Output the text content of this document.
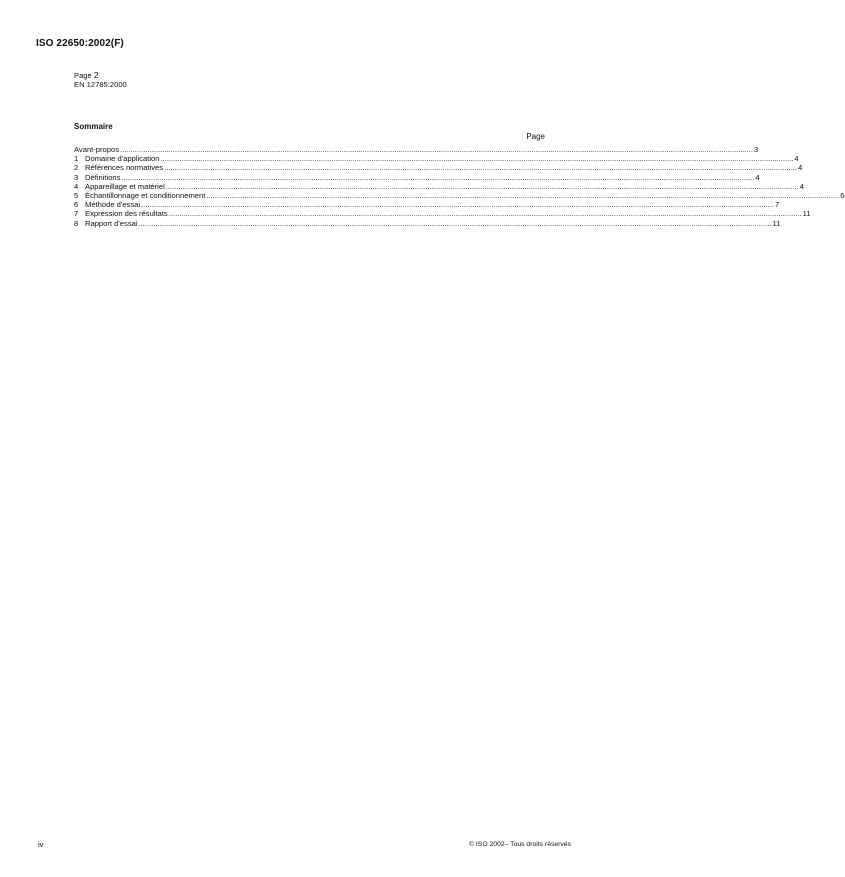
ISO 22650:2002(F)
Page 2
EN 12785:2000
Sommaire
Page
Avant-propos ............................................................................................................................................................................................................................................................................................................ 3
1 Domaine d'application ............................................................................................................................................................................................................................................................................................................ 4
2 Références normatives ............................................................................................................................................................................................................................................................................................................ 4
3 Définitions ............................................................................................................................................................................................................................................................................................................ 4
4 Appareillage et matériel ............................................................................................................................................................................................................................................................................................................ 4
5 Échantillonnage et conditionnement ............................................................................................................................................................................................................................................................................................................ 6
6 Méthode d'essai ............................................................................................................................................................................................................................................................................................................ 7
7 Expression des résultats ............................................................................................................................................................................................................................................................................................................ 11
8 Rapport d'essai ............................................................................................................................................................................................................................................................................................................ 11
iv	© ISO 2002– Tous droits réservés
